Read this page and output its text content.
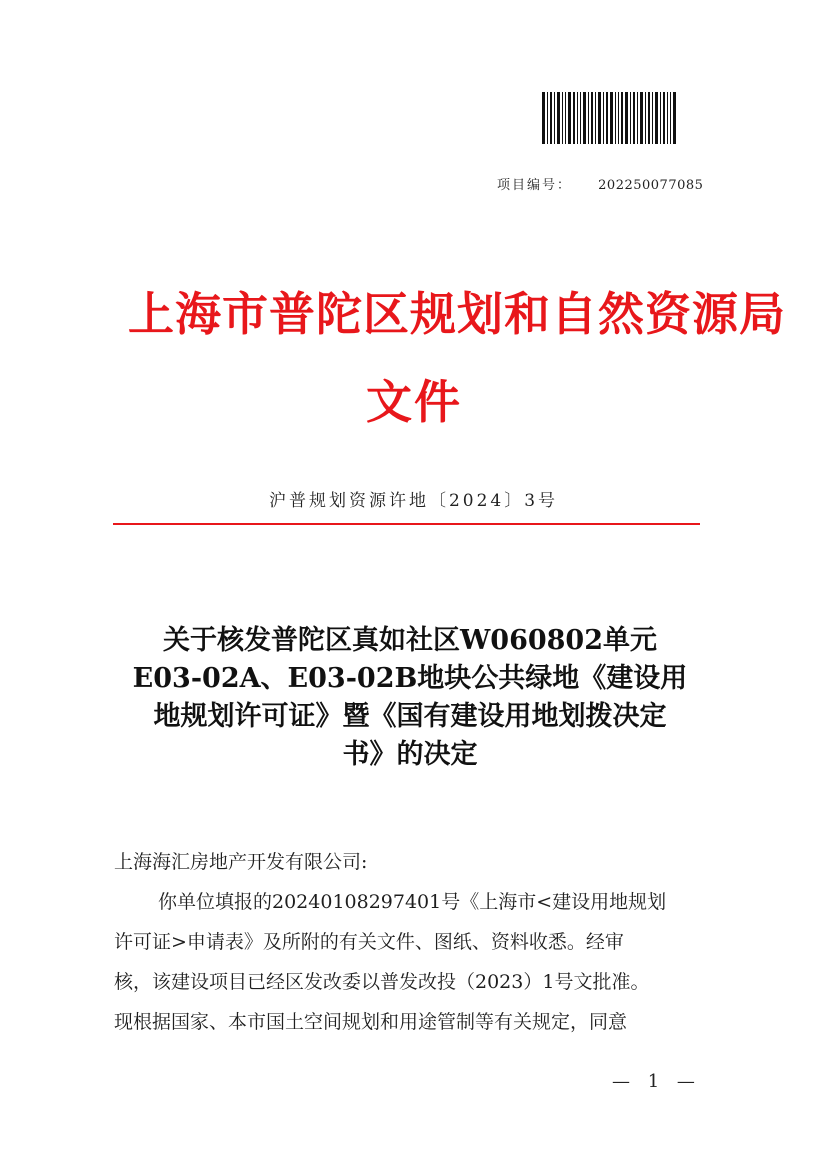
项目编号： 202250077085
上海市普陀区规划和自然资源局
文件
沪普规划资源许地〔2024〕3号
关于核发普陀区真如社区W060802单元
E03-02A、E03-02B地块公共绿地《建设用
地规划许可证》暨《国有建设用地划拨决定
书》的决定
上海海汇房地产开发有限公司:
你单位填报的20240108297401号《上海市<建设用地规划
许可证>申请表》及所附的有关文件、图纸、资料收悉。经审
核，该建设项目已经区发改委以普发改投（2023）1号文批准。
现根据国家、本市国土空间规划和用途管制等有关规定，同意
— 1 —
